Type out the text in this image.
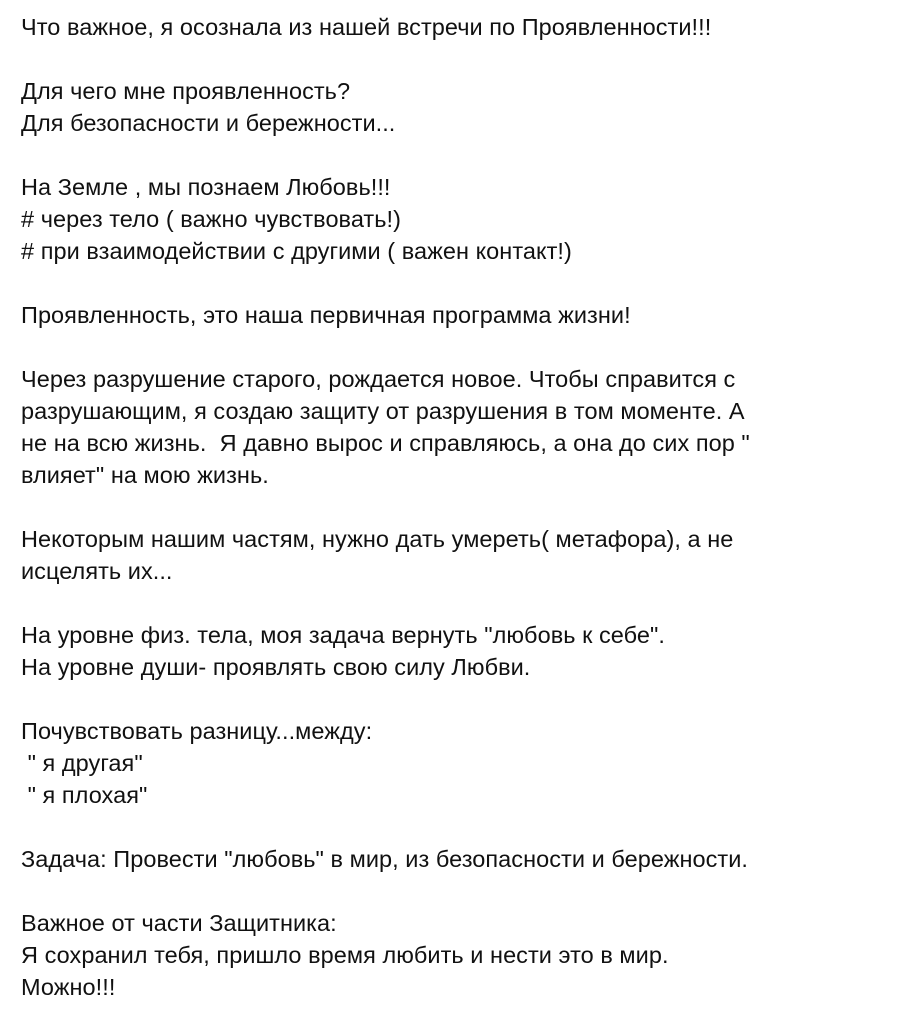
Что важное, я осознала из нашей встречи по Проявленности!!!
Для чего мне проявленность?
Для безопасности и бережности...
На Земле , мы познаем Любовь!!!
# через тело ( важно чувствовать!)
# при взаимодействии с другими ( важен контакт!)
Проявленность, это наша первичная программа жизни!
Через разрушение старого, рождается новое. Чтобы справится с
разрушающим, я создаю защиту от разрушения в том моменте. А
не на всю жизнь.  Я давно вырос и справляюсь, а она до сих пор "
влияет" на мою жизнь.
Некоторым нашим частям, нужно дать умереть( метафора), а не
исцелять их...
На уровне физ. тела, моя задача вернуть "любовь к себе".
На уровне души- проявлять свою силу Любви.
Почувствовать разницу...между:
" я другая"
" я плохая"
Задача: Провести "любовь" в мир, из безопасности и бережности.
Важное от части Защитника:
Я сохранил тебя, пришло время любить и нести это в мир.
Можно!!!
